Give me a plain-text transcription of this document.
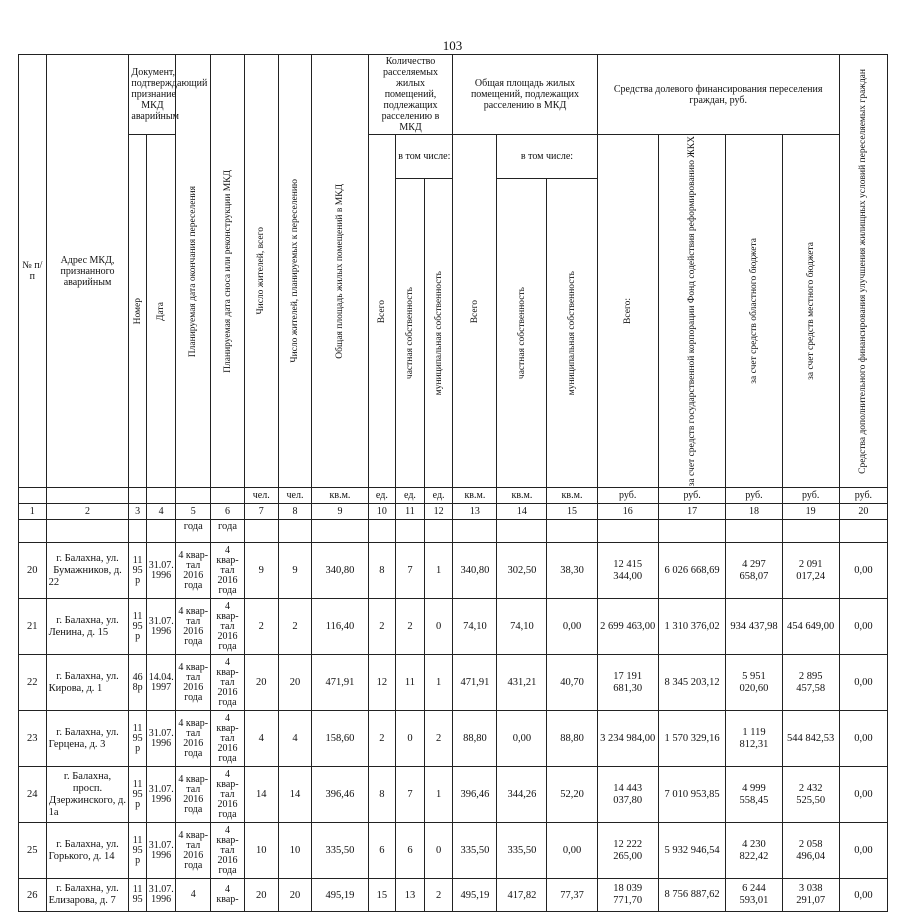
103
№ п/п	Адрес МКД, признанного аварийным	Документ, подтверждающий признание МКД аварийным		Планируемая дата окончания переселения	Планируемая дата сноса или реконструкции МКД	Число жителей, всего	Число жителей, планируемых к переселению	Общая площадь жилых помещений в МКД	Количество расселяемых жилых помещений, подлежащих расселению в МКД			Общая площадь жилых помещений, подлежащих расселению в МКД			Средства долевого финансирования переселения граждан, руб.				Средства дополнительного финансирования улучшения жилищных условий переселяемых граждан

		Номер	Дата						Всего	в том числе:		Всего	в том числе:		Всего:	за счет средств государственной корпорации Фонд содействия реформированию ЖКХ	за счет средств областного бюджета	за счет средств местного бюджета	

										частная собственность	муниципальная собственность		частная собственность	муниципальная собственность					

						чел.	чел.	кв.м.	ед.	ед.	ед.	кв.м.	кв.м.	кв.м.	руб.	руб.	руб.	руб.	руб.
1	2	3	4	5	6	7	8	9	10	11	12	13	14	15	16	17	18	19	20
				года	года														
20	г. Балахна, ул. Бумажников, д. 22	11 95 р	31.07. 1996	4 квар- тал 2016 года	4 квар- тал 2016 года	9	9	340,80	8	7	1	340,80	302,50	38,30	12 415 344,00	6 026 668,69	4 297 658,07	2 091 017,24	0,00
21	г. Балахна, ул. Ленина, д. 15	11 95 р	31.07. 1996	4 квар- тал 2016 года	4 квар- тал 2016 года	2	2	116,40	2	2	0	74,10	74,10	0,00	2 699 463,00	1 310 376,02	934 437,98	454 649,00	0,00
22	г. Балахна, ул. Кирова, д. 1	46 8р	14.04. 1997	4 квар- тал 2016 года	4 квар- тал 2016 года	20	20	471,91	12	11	1	471,91	431,21	40,70	17 191 681,30	8 345 203,12	5 951 020,60	2 895 457,58	0,00
23	г. Балахна, ул. Герцена, д. 3	11 95 р	31.07. 1996	4 квар- тал 2016 года	4 квар- тал 2016 года	4	4	158,60	2	0	2	88,80	0,00	88,80	3 234 984,00	1 570 329,16	1 119 812,31	544 842,53	0,00
24	г. Балахна, просп. Дзержинского, д. 1а	11 95 р	31.07. 1996	4 квар- тал 2016 года	4 квар- тал 2016 года	14	14	396,46	8	7	1	396,46	344,26	52,20	14 443 037,80	7 010 953,85	4 999 558,45	2 432 525,50	0,00
25	г. Балахна, ул. Горького, д. 14	11 95 р	31.07. 1996	4 квар- тал 2016 года	4 квар- тал 2016 года	10	10	335,50	6	6	0	335,50	335,50	0,00	12 222 265,00	5 932 946,54	4 230 822,42	2 058 496,04	0,00
26	г. Балахна, ул. Елизарова, д. 7	11 95	31.07. 1996	4	4 квар-	20	20	495,19	15	13	2	495,19	417,82	77,37	18 039 771,70	8 756 887,62	6 244 593,01	3 038 291,07	0,00
